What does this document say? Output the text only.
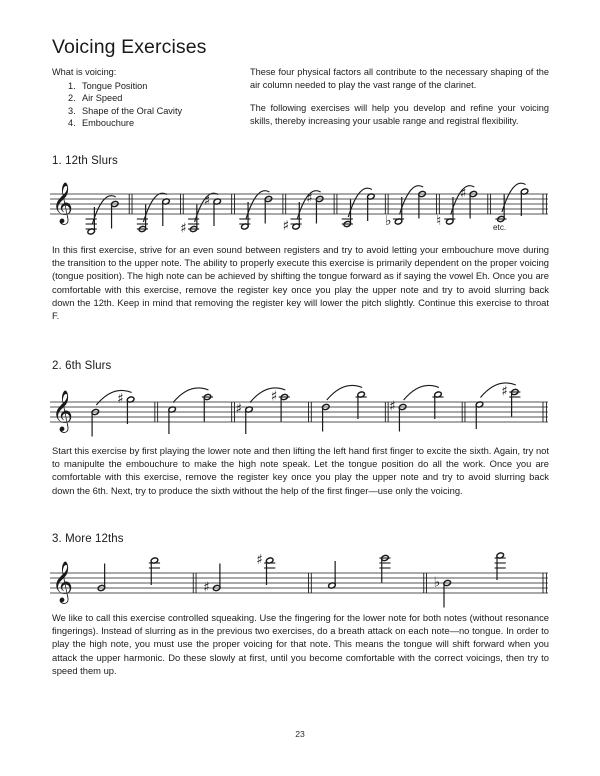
Voicing Exercises

What is voicing:

1. Tongue Position
2. Air Speed
3. Shape of the Oral Cavity
4. Embouchure

These four physical factors all contribute to the necessary shaping of the air column needed to play the vast range of the clarinet.

The following exercises will help you develop and refine your voicing skills, thereby increasing your usable range and registral flexibility.

1. 12th Slurs
𝄞
♯
♯
♯
♯
♭	♮
♯
etc.

In this first exercise, strive for an even sound between registers and try to avoid letting your embouchure move during the transition to the upper note. The ability to properly execute this exercise is primarily dependent on the proper voicing (tongue position). The high note can be achieved by shifting the tongue forward as if saying the vowel Eh. Once you are comfortable with this exercise, remove the register key once you play the upper note and try to avoid slurring back down the 12th. Keep in mind that removing the register key will lower the pitch slightly. Continue this exercise to throat F.

2. 6th Slurs
𝄞	♯
♯
♯
♯
♯

Start this exercise by first playing the lower note and then lifting the left hand first finger to excite the sixth. Again, try not to manipulte the embouchure to make the high note speak. Let the tongue position do all the work. Once you are comfortable with this exercise, remove the register key once you play the upper note and try to avoid slurring back down the 6th. Next, try to produce the sixth without the help of the first finger—use only the voicing.

3. More 12ths
𝄞	♯
♯
♭

We like to call this exercise controlled squeaking. Use the fingering for the lower note for both notes (without resonance fingerings). Instead of slurring as in the previous two exercises, do a breath attack on each note—no tongue. In order to play the high note, you must use the proper voicing for that note. This means the tongue will shift forward when you attack the upper harmonic. Do these slowly at first, until you become comfortable with the correct voicings, then try to speed them up.

23
